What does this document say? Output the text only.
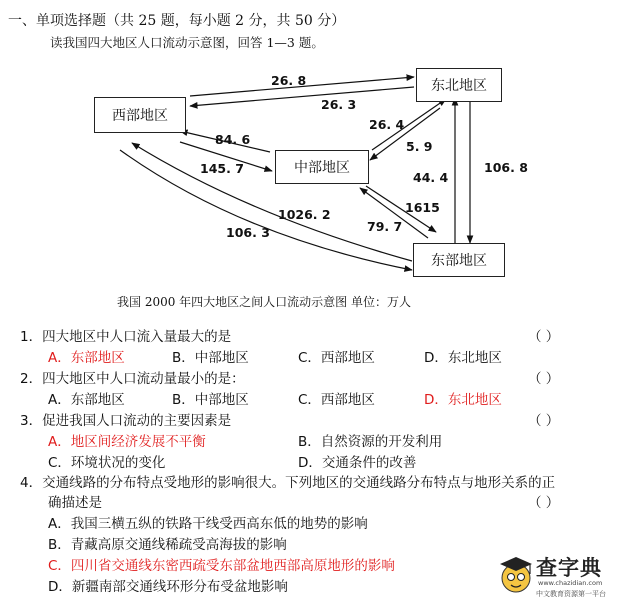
一、单项选择题（共 25 题，每小题 2 分，共 50 分）
读我国四大地区人口流动示意图，回答 1—3 题。
西部地区
东北地区
中部地区
东部地区
26. 8
26. 3
84. 6
145. 7
26. 4
5. 9
106. 8
44. 4
1615
79. 7
1026. 2
106. 3
我国 2000 年四大地区之间人口流动示意图 单位：万人
1．四大地区中人口流入量最大的是	（ ）
A．东部地区	B．中部地区	C．西部地区	D．东北地区
2．四大地区中人口流动量最小的是：	（ ）
A．东部地区	B．中部地区	C．西部地区	D．东北地区
3．促进我国人口流动的主要因素是	（ ）
A．地区间经济发展不平衡	B．自然资源的开发利用
C．环境状况的变化	D．交通条件的改善
4．交通线路的分布特点受地形的影响很大。下列地区的交通线路分布特点与地形关系的正
确描述是	（ ）
A．我国三横五纵的铁路干线受西高东低的地势的影响
B．青藏高原交通线稀疏受高海拔的影响
C．四川省交通线东密西疏受东部盆地西部高原地形的影响
D．新疆南部交通线环形分布受盆地影响
查字典
www.chazidian.com
中文教育资源第一平台
